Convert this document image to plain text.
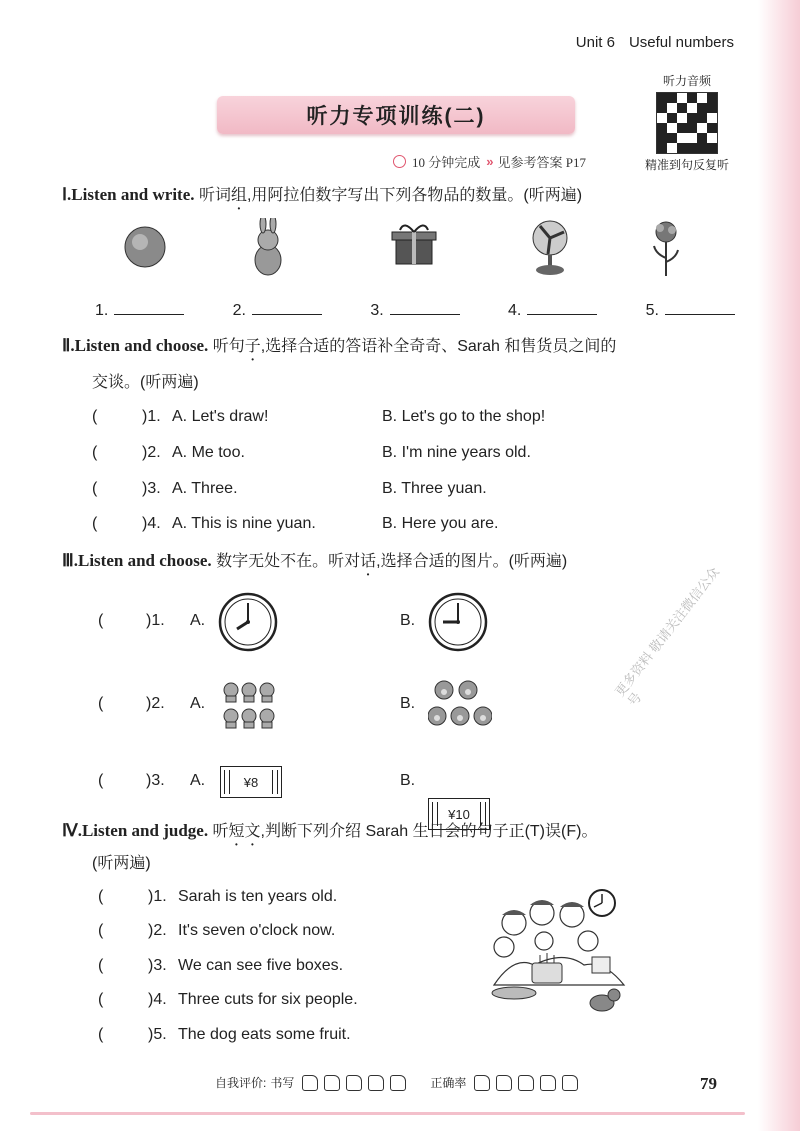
Unit 6 Useful numbers
听力专项训练(二)
听力音频
精准到句反复听
10 分钟完成 » 见参考答案 P17
Ⅰ.Listen and write. 听词组,用阿拉伯数字写出下列各物品的数量。(听两遍)
1.	2.	3.	4.	5.
Ⅱ.Listen and choose. 听句子,选择合适的答语补全奇奇、Sarah 和售货员之间的
交谈。(听两遍)
(	)1. A. Let's draw!	B. Let's go to the shop!
(	)2. A. Me too.	B. I'm nine years old.
(	)3. A. Three.	B. Three yuan.
(	)4. A. This is nine yuan.	B. Here you are.
Ⅲ.Listen and choose. 数字无处不在。听对话,选择合适的图片。(听两遍)
(	)1. A.	B.
(	)2. A.	B.
(	)3. A.	¥8	B.
¥10
Ⅳ.Listen and judge. 听短文,判断下列介绍 Sarah 生日会的句子正(T)误(F)。
(听两遍)
(	)1. Sarah is ten years old.
(	)2. It's seven o'clock now.
(	)3. We can see five boxes.
(	)4. Three cuts for six people.
(	)5. The dog eats some fruit.
更多资料 敬请关注微信公众号
自我评价: 书写	正确率	79
